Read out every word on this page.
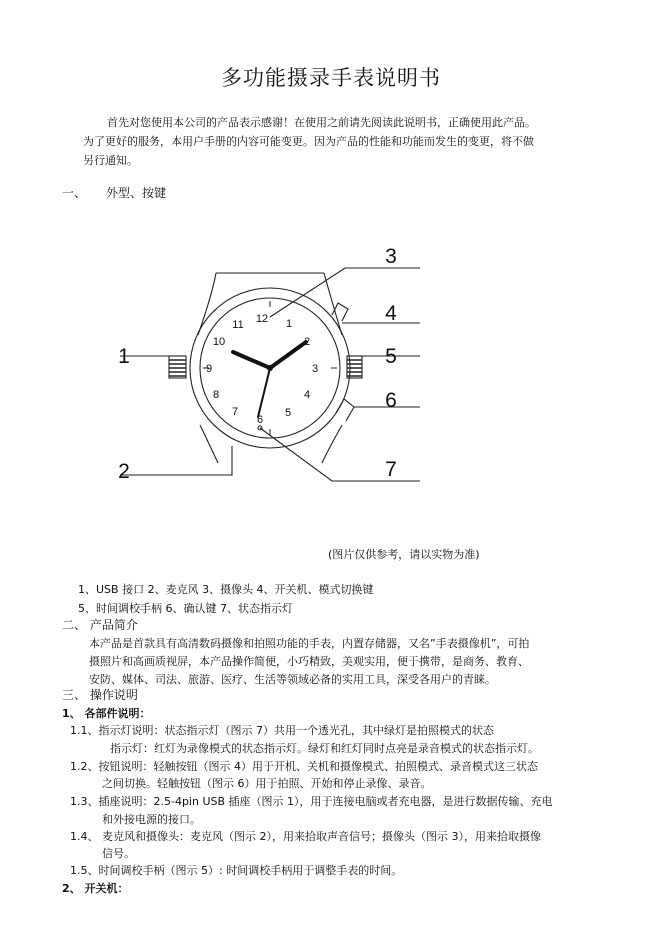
多功能摄录手表说明书
首先对您使用本公司的产品表示感谢！在使用之前请先阅读此说明书，正确使用此产品。
为了更好的服务，本用户手册的内容可能变更。因为产品的性能和功能而发生的变更，将不做
另行通知。
一、 外型、按键
12 1
2
3
4
5
6
7
8
9
10
11
1
2
3
4
5
6
7
(图片仅供参考，请以实物为准)
1、USB 接口 2、麦克风 3、摄像头 4、开关机、模式切换键
5、时间调校手柄 6、确认键 7、状态指示灯
二、 产品简介
本产品是首款具有高清数码摄像和拍照功能的手表，内置存储器，又名”手表摄像机”，可拍
摄照片和高画质视屏，本产品操作简便，小巧精致，美观实用，便于携带，是商务、教育、
安防、媒体、司法、旅游、医疗、生活等领域必备的实用工具，深受各用户的青睐。
三、 操作说明
1、 各部件说明：
1.1、指示灯说明：状态指示灯（图示 7）共用一个透光孔，其中绿灯是拍照模式的状态
指示灯：红灯为录像模式的状态指示灯。绿灯和红灯同时点亮是录音模式的状态指示灯。
1.2、按钮说明：轻触按钮（图示 4）用于开机、关机和摄像模式、拍照模式、录音模式这三状态
之间切换。轻触按钮（图示 6）用于拍照、开始和停止录像、录音。
1.3、插座说明：2.5-4pin USB 插座（图示 1），用于连接电脑或者充电器，是进行数据传输、充电
和外接电源的接口。
1.4、 麦克风和摄像头：麦克风（图示 2），用来拾取声音信号；摄像头（图示 3），用来拾取摄像
信号。
1.5、时间调校手柄（图示 5）: 时间调校手柄用于调整手表的时间。
2、 开关机：
